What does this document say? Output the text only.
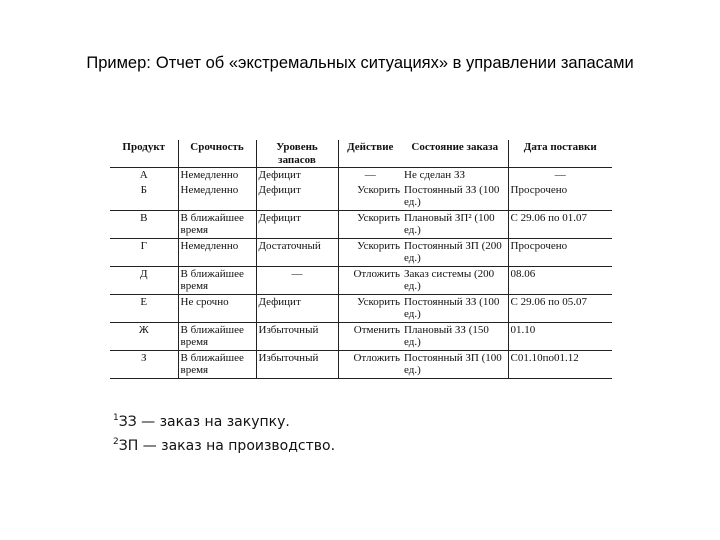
Пример: Отчет об «экстремальных ситуациях» в управлении запасами
Продукт	Срочность	Уровень запасов	Действие	Состояние заказа	Дата поставки
А	Немедленно	Дефицит	—	Не сделан ЗЗ	—
Б	Немедленно	Дефицит	Ускорить	Постоянный ЗЗ (100 ед.)	Просрочено
В	В ближайшее время	Дефицит	Ускорить	Плановый ЗП² (100 ед.)	С 29.06 по 01.07
Г	Немедленно	Достаточный	Ускорить	Постоянный ЗП (200 ед.)	Просрочено
Д	В ближайшее время	—	Отложить	Заказ системы (200 ед.)	08.06
Е	Не срочно	Дефицит	Ускорить	Постоянный ЗЗ (100 ед.)	С 29.06 по 05.07
Ж	В ближайшее время	Избыточный	Отменить	Плановый ЗЗ (150 ед.)	01.10
З	В ближайшее время	Избыточный	Отложить	Постоянный ЗП (100 ед.)	С01.10по01.12
$^1$ЗЗ — заказ на закупку.
$^2$ЗП — заказ на производство.
